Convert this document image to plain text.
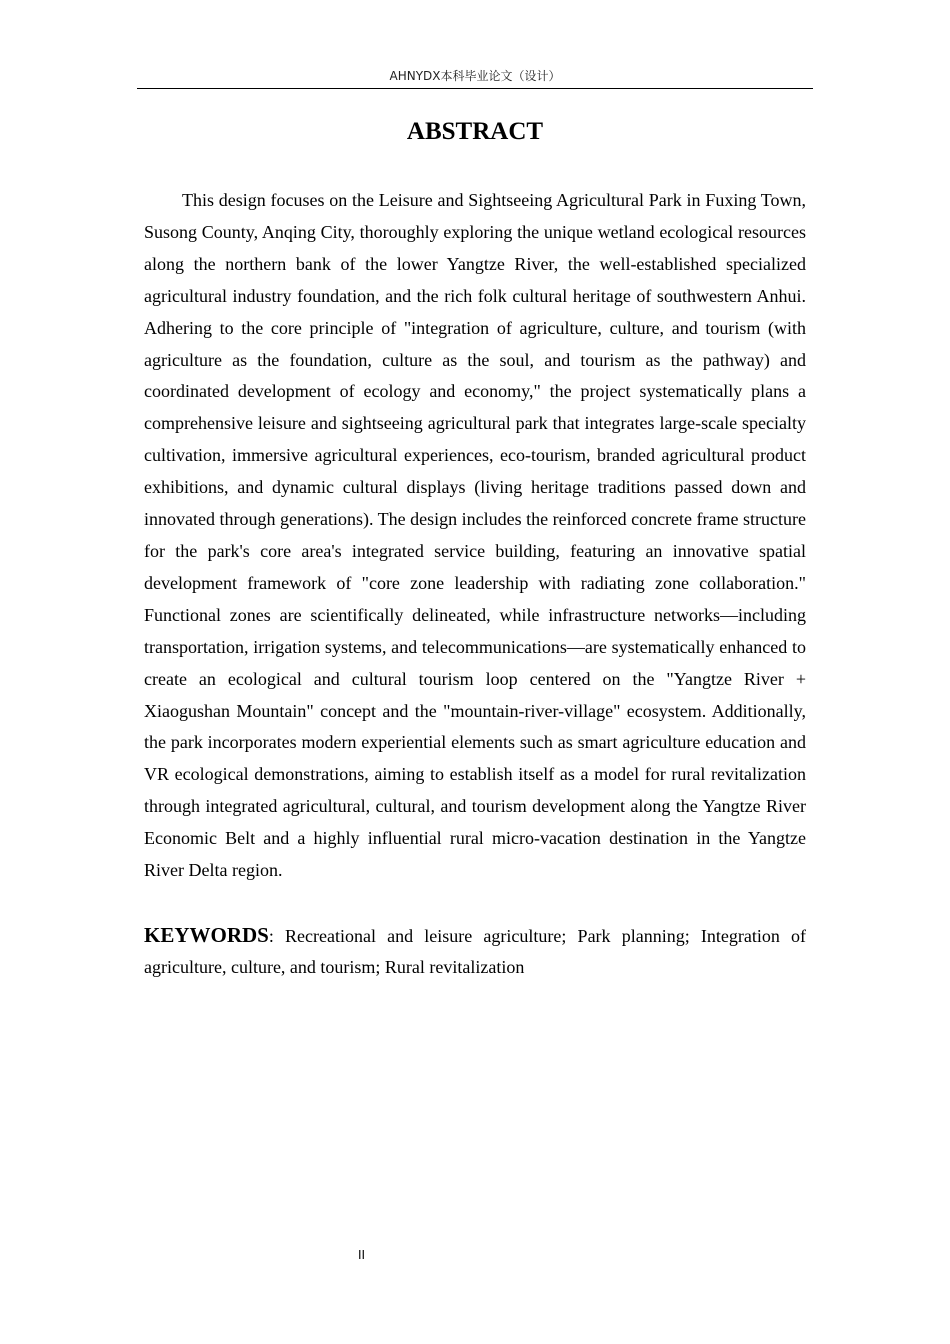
AHNYDX本科毕业论文（设计）
ABSTRACT

This design focuses on the Leisure and Sightseeing Agricultural Park in Fuxing Town, Susong County, Anqing City, thoroughly exploring the unique wetland ecological resources along the northern bank of the lower Yangtze River, the well-established specialized agricultural industry foundation, and the rich folk cultural heritage of southwestern Anhui. Adhering to the core principle of "integration of agriculture, culture, and tourism (with agriculture as the foundation, culture as the soul, and tourism as the pathway) and coordinated development of ecology and economy," the project systematically plans a comprehensive leisure and sightseeing agricultural park that integrates large-scale specialty cultivation, immersive agricultural experiences, eco-tourism, branded agricultural product exhibitions, and dynamic cultural displays (living heritage traditions passed down and innovated through generations). The design includes the reinforced concrete frame structure for the park's core area's integrated service building, featuring an innovative spatial development framework of "core zone leadership with radiating zone collaboration." Functional zones are scientifically delineated, while infrastructure networks—including transportation, irrigation systems, and telecommunications—are systematically enhanced to create an ecological and cultural tourism loop centered on the "Yangtze River + Xiaogushan Mountain" concept and the "mountain-river-village" ecosystem. Additionally, the park incorporates modern experiential elements such as smart agriculture education and VR ecological demonstrations, aiming to establish itself as a model for rural revitalization through integrated agricultural, cultural, and tourism development along the Yangtze River Economic Belt and a highly influential rural micro-vacation destination in the Yangtze River Delta region.

KEYWORDS: Recreational and leisure agriculture; Park planning; Integration of agriculture, culture, and tourism; Rural revitalization

II
